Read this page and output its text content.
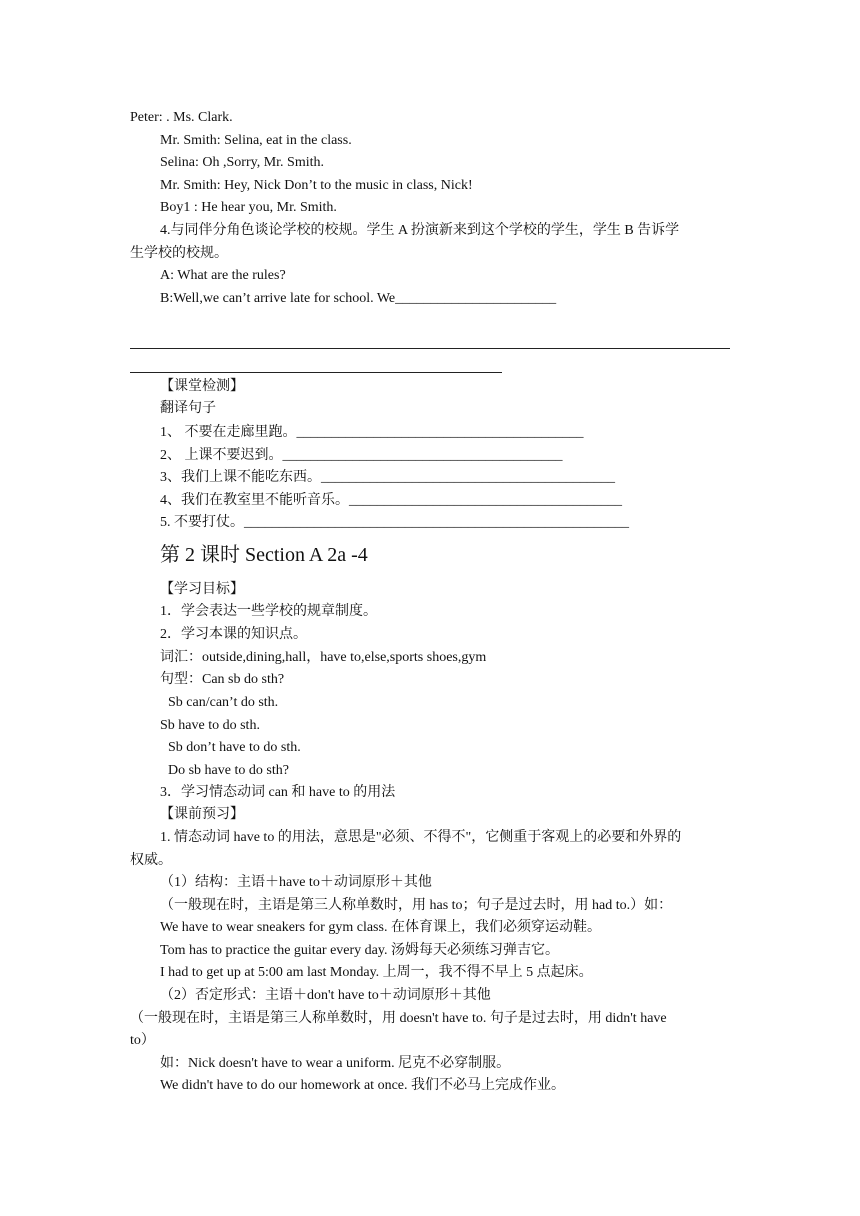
Peter: . Ms. Clark.
Mr. Smith: Selina, eat in the class.
Selina: Oh ,Sorry, Mr. Smith.
Mr. Smith: Hey, Nick Don’t to the music in class, Nick!
Boy1 : He hear you, Mr. Smith.
4.与同伴分角色谈论学校的校规。学生 A 扮演新来到这个学校的学生，学生 B 告诉学
生学校的校规。
A: What are the rules?
B:Well,we can’t arrive late for school. We_______________________
【课堂检测】
翻译句子
1、 不要在走廊里跑。_________________________________________
2、 上课不要迟到。________________________________________
3、我们上课不能吃东西。__________________________________________
4、我们在教室里不能听音乐。_______________________________________
5. 不要打仗。_______________________________________________________
第 2 课时 Section A 2a -4
【学习目标】
1．学会表达一些学校的规章制度。
2．学习本课的知识点。
词汇：outside,dining,hall，have to,else,sports shoes,gym
句型：Can sb do sth?
Sb can/can’t do sth.
Sb have to do sth.
Sb don’t have to do sth.
Do sb have to do sth?
3．学习情态动词 can 和 have to 的用法
【课前预习】
1. 情态动词 have to 的用法，意思是"必须、不得不"，它侧重于客观上的必要和外界的
权威。
（1）结构：主语＋have to＋动词原形＋其他
（一般现在时，主语是第三人称单数时，用 has to；句子是过去时，用 had to.）如：
We have to wear sneakers for gym class. 在体育课上，我们必须穿运动鞋。
Tom has to practice the guitar every day. 汤姆每天必须练习弹吉它。
I had to get up at 5:00 am last Monday. 上周一，我不得不早上 5 点起床。
（2）否定形式：主语＋don't have to＋动词原形＋其他
（一般现在时，主语是第三人称单数时，用 doesn't have to. 句子是过去时，用 didn't have
to）
如：Nick doesn't have to wear a uniform. 尼克不必穿制服。
We didn't have to do our homework at once. 我们不必马上完成作业。
